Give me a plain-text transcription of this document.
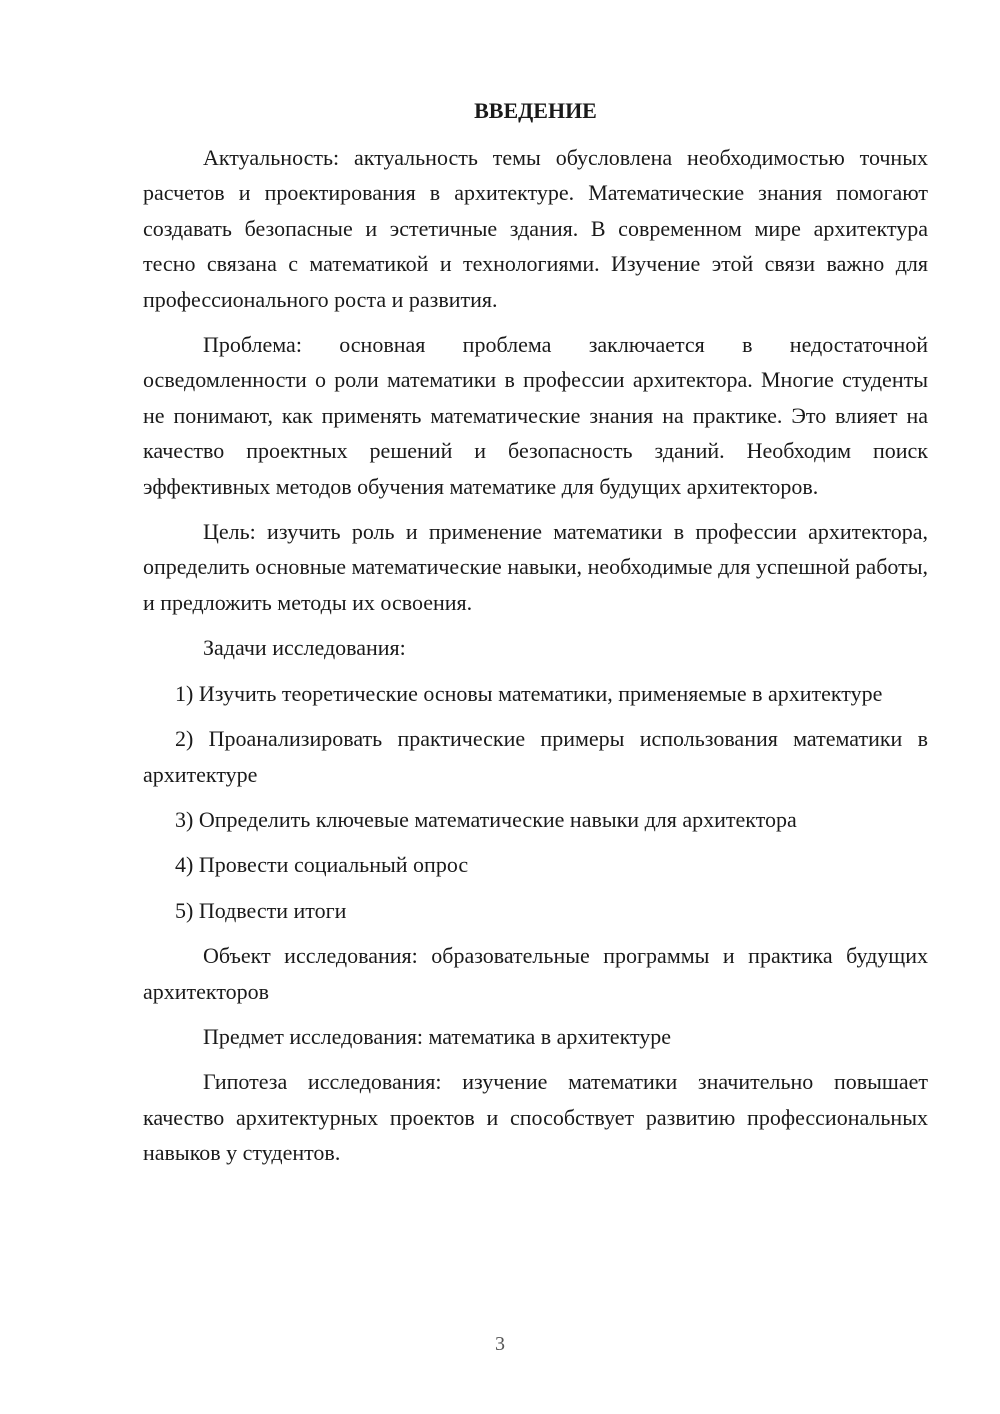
ВВЕДЕНИЕ

Актуальность: актуальность темы обусловлена необходимостью точных расчетов и проектирования в архитектуре. Математические знания помогают создавать безопасные и эстетичные здания. В современном мире архитектура тесно связана с математикой и технологиями. Изучение этой связи важно для профессионального роста и развития.

Проблема: основная проблема заключается в недостаточной осведомленности о роли математики в профессии архитектора. Многие студенты не понимают, как применять математические знания на практике. Это влияет на качество проектных решений и безопасность зданий. Необходим поиск эффективных методов обучения математике для будущих архитекторов.

Цель: изучить роль и применение математики в профессии архитектора, определить основные математические навыки, необходимые для успешной работы, и предложить методы их освоения.

Задачи исследования:

1) Изучить теоретические основы математики, применяемые в архитектуре

2) Проанализировать практические примеры использования математики в архитектуре

3) Определить ключевые математические навыки для архитектора

4) Провести социальный опрос

5) Подвести итоги

Объект исследования: образовательные программы и практика будущих архитекторов

Предмет исследования: математика в архитектуре

Гипотеза исследования: изучение математики значительно повышает качество архитектурных проектов и способствует развитию профессиональных навыков у студентов.

3
